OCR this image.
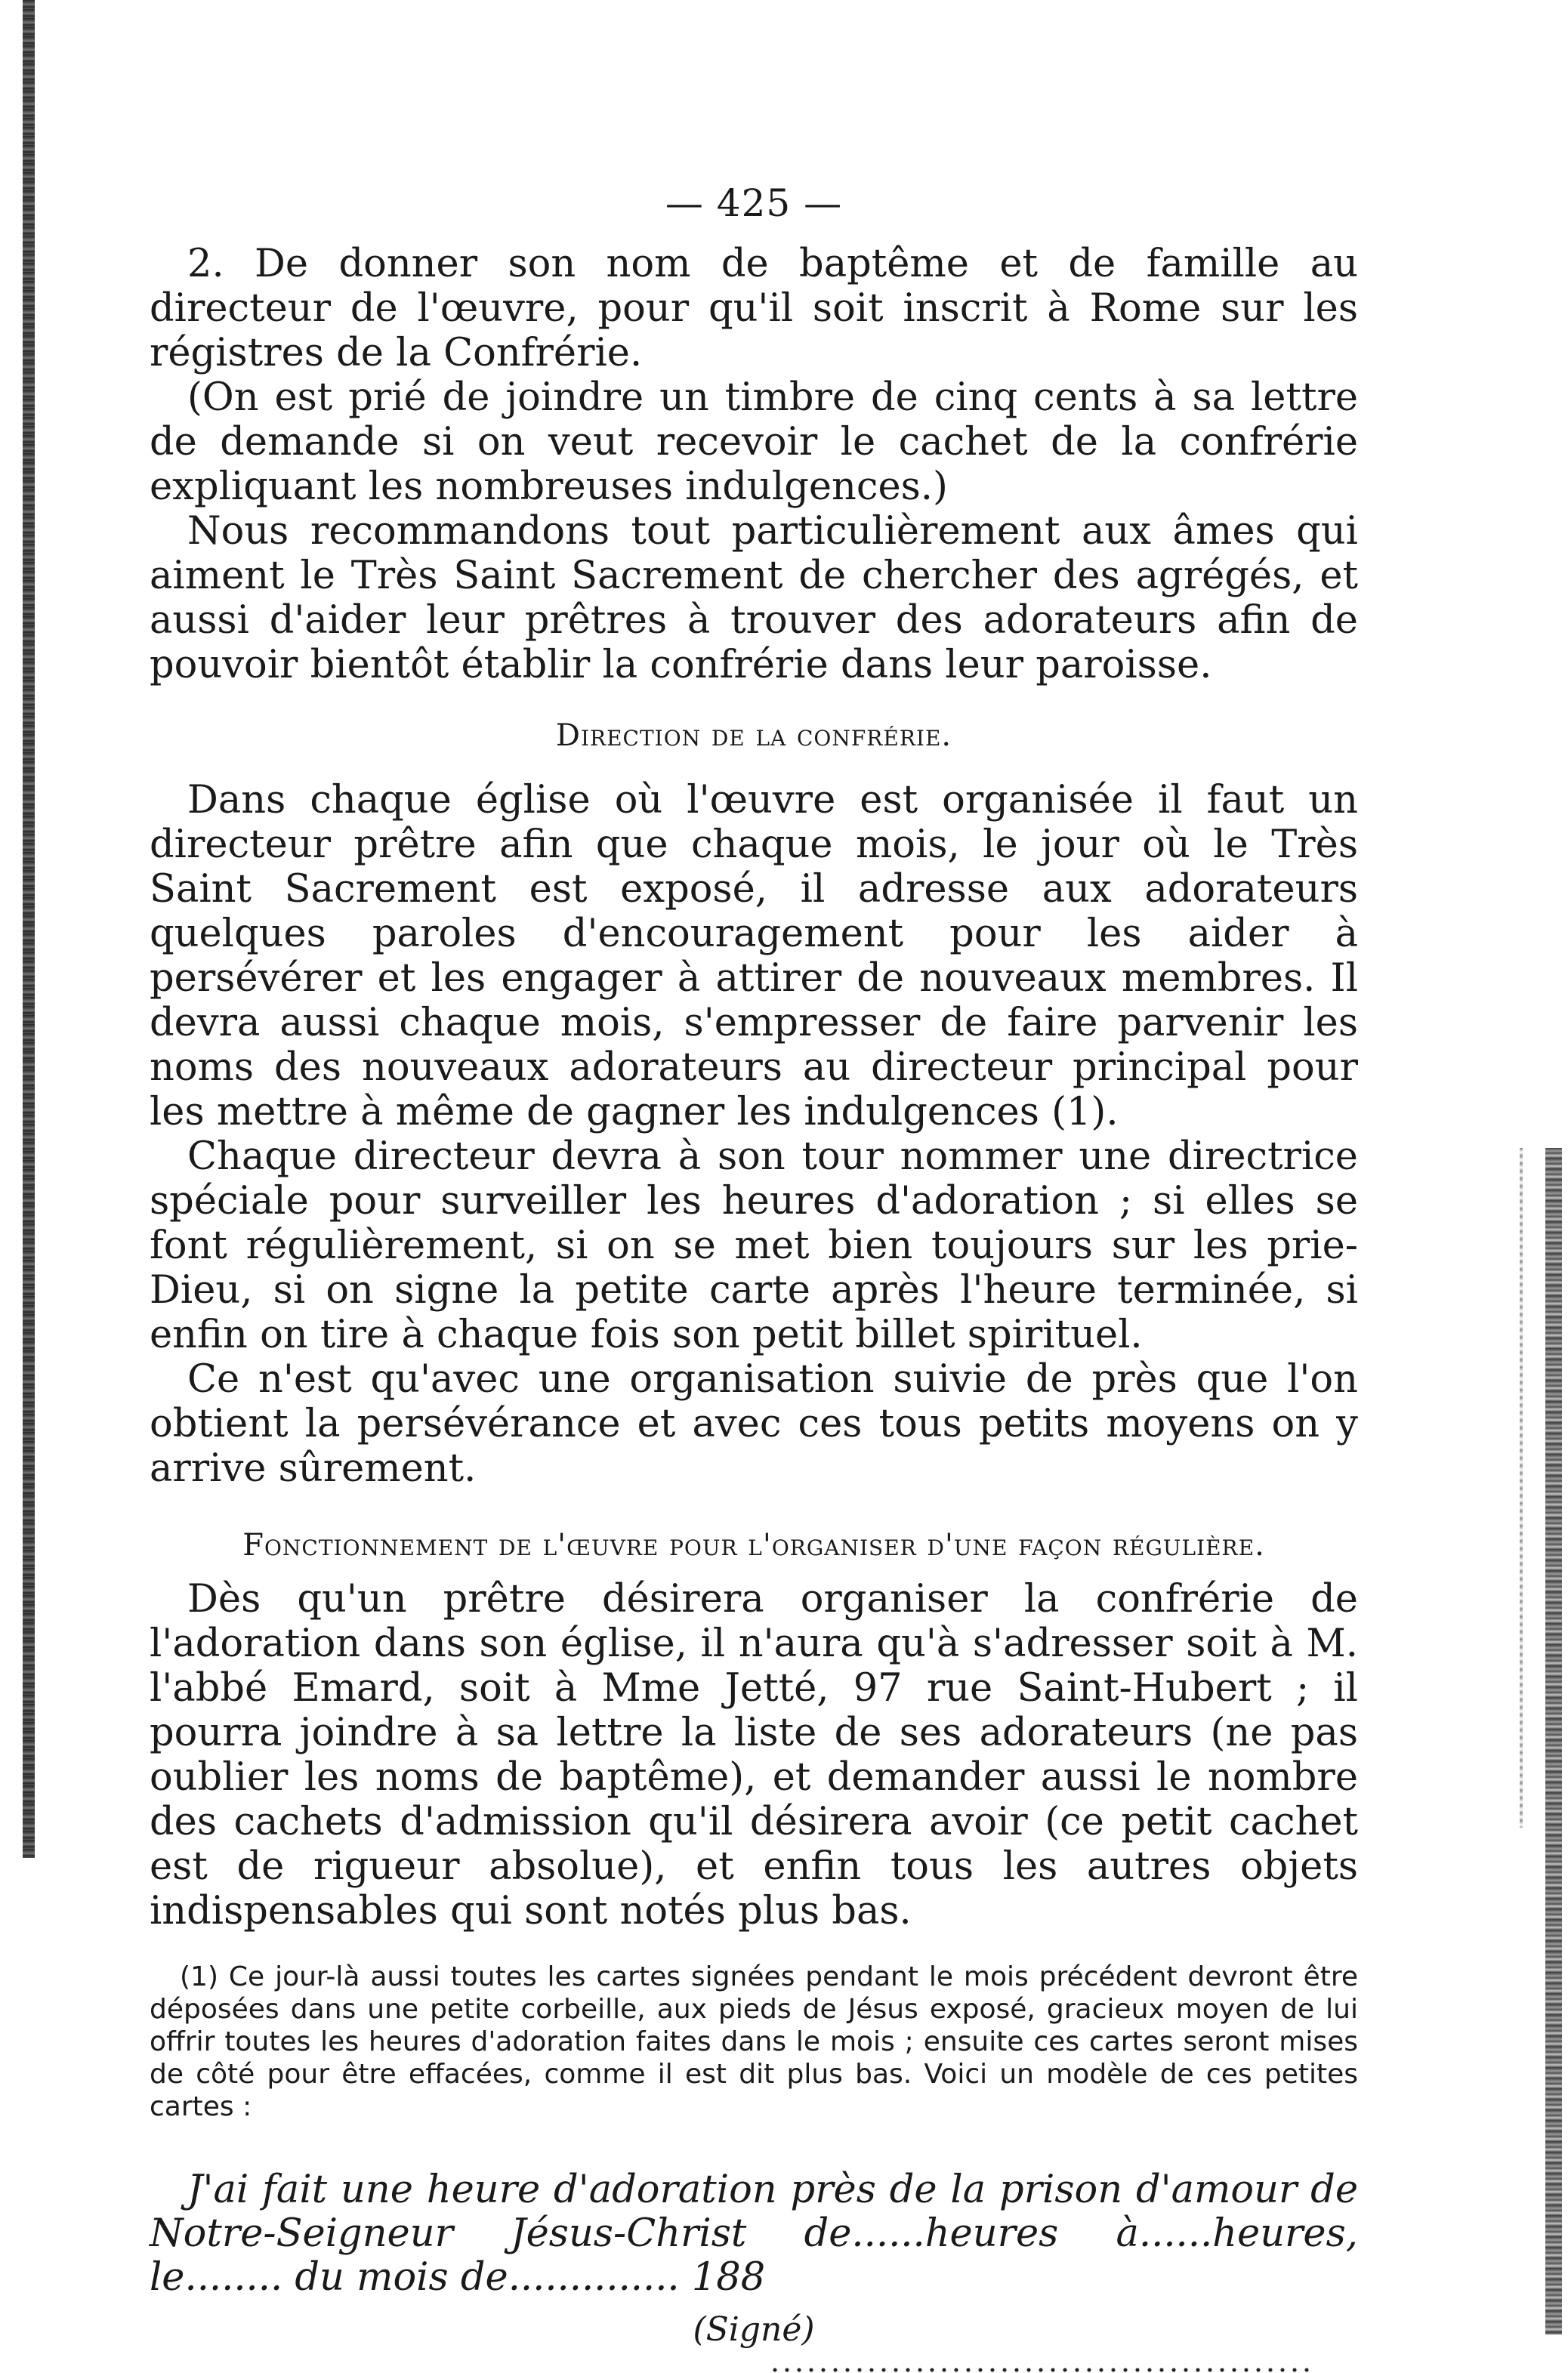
— 425 —

2. De donner son nom de baptême et de famille au directeur de l'œuvre, pour qu'il soit inscrit à Rome sur les régistres de la Confrérie.

(On est prié de joindre un timbre de cinq cents à sa lettre de demande si on veut recevoir le cachet de la confrérie expliquant les nombreuses indulgences.)

Nous recommandons tout particulièrement aux âmes qui aiment le Très Saint Sacrement de chercher des agrégés, et aussi d'aider leur prêtres à trouver des adorateurs afin de pouvoir bientôt établir la confrérie dans leur paroisse.

Direction de la confrérie.

Dans chaque église où l'œuvre est organisée il faut un directeur prêtre afin que chaque mois, le jour où le Très Saint Sacrement est exposé, il adresse aux adorateurs quelques paroles d'encouragement pour les aider à persévérer et les engager à attirer de nouveaux membres. Il devra aussi chaque mois, s'empresser de faire parvenir les noms des nouveaux adorateurs au directeur principal pour les mettre à même de gagner les indulgences (1).

Chaque directeur devra à son tour nommer une directrice spéciale pour surveiller les heures d'adoration ; si elles se font régulièrement, si on se met bien toujours sur les prie-Dieu, si on signe la petite carte après l'heure terminée, si enfin on tire à chaque fois son petit billet spirituel.

Ce n'est qu'avec une organisation suivie de près que l'on obtient la persévérance et avec ces tous petits moyens on y arrive sûrement.

Fonctionnement de l'œuvre pour l'organiser d'une façon régulière.

Dès qu'un prêtre désirera organiser la confrérie de l'adoration dans son église, il n'aura qu'à s'adresser soit à M. l'abbé Emard, soit à Mme Jetté, 97 rue Saint-Hubert ; il pourra joindre à sa lettre la liste de ses adorateurs (ne pas oublier les noms de baptême), et demander aussi le nombre des cachets d'admission qu'il désirera avoir (ce petit cachet est de rigueur absolue), et enfin tous les autres objets indispensables qui sont notés plus bas.

(1) Ce jour-là aussi toutes les cartes signées pendant le mois précédent devront être déposées dans une petite corbeille, aux pieds de Jésus exposé, gracieux moyen de lui offrir toutes les heures d'adoration faites dans le mois ; ensuite ces cartes seront mises de côté pour être effacées, comme il est dit plus bas. Voici un modèle de ces petites cartes :

J'ai fait une heure d'adoration près de la prison d'amour de Notre-Seigneur Jésus-Christ de......heures à......heures, le........ du mois de.............. 188

(Signé)
